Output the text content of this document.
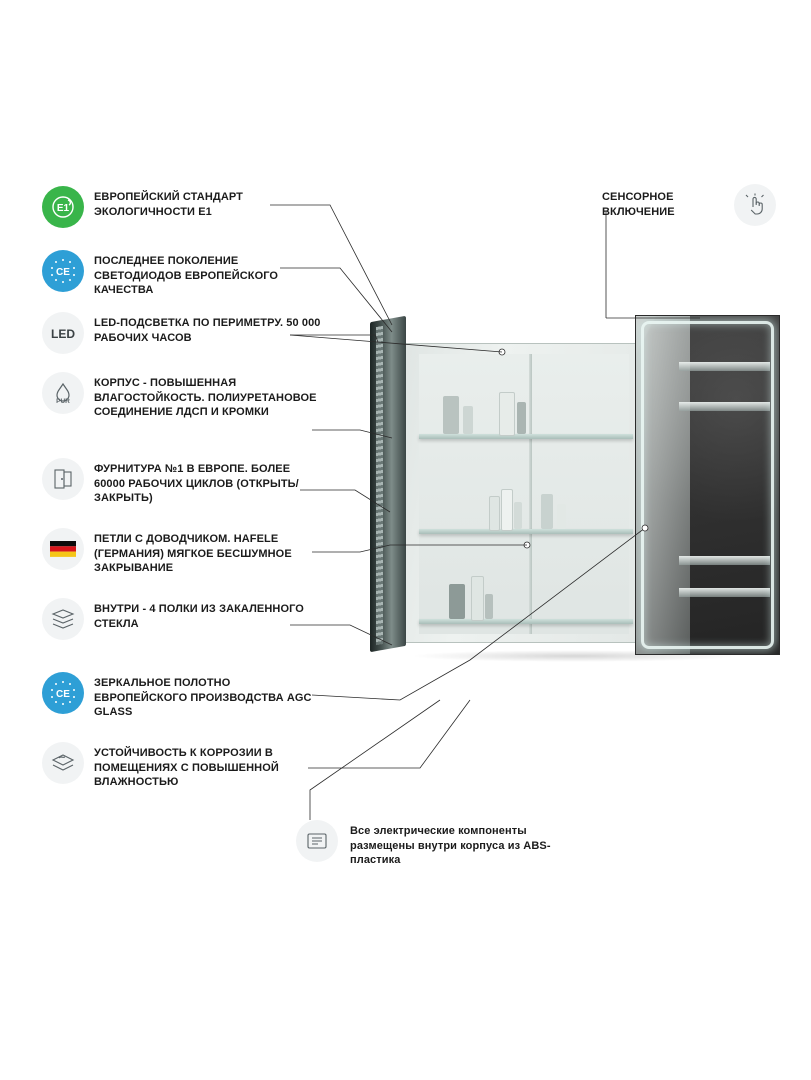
E1
ЕВРОПЕЙСКИЙ СТАНДАРТ ЭКОЛОГИЧНОСТИ E1
CE
ПОСЛЕДНЕЕ ПОКОЛЕНИЕ СВЕТОДИОДОВ ЕВРОПЕЙСКОГО КАЧЕСТВА
LED
LED-ПОДСВЕТКА ПО ПЕРИМЕТРУ. 50 000 РАБОЧИХ ЧАСОВ
PUR
КОРПУС - ПОВЫШЕННАЯ ВЛАГОСТОЙКОСТЬ. ПОЛИУРЕТАНОВОЕ СОЕДИНЕНИЕ ЛДСП И КРОМКИ
ФУРНИТУРА №1 В ЕВРОПЕ. БОЛЕЕ 60000 РАБОЧИХ ЦИКЛОВ (ОТКРЫТЬ/ЗАКРЫТЬ)
ПЕТЛИ С ДОВОДЧИКОМ. HAFELE (ГЕРМАНИЯ) МЯГКОЕ БЕСШУМНОЕ ЗАКРЫВАНИЕ
ВНУТРИ - 4 ПОЛКИ ИЗ ЗАКАЛЕННОГО СТЕКЛА
CE
ЗЕРКАЛЬНОЕ ПОЛОТНО ЕВРОПЕЙСКОГО ПРОИЗВОДСТВА AGC GLASS
УСТОЙЧИВОСТЬ К КОРРОЗИИ В ПОМЕЩЕНИЯХ С ПОВЫШЕННОЙ ВЛАЖНОСТЬЮ
СЕНСОРНОЕ ВКЛЮЧЕНИЕ
Все электрические компоненты размещены внутри корпуса из ABS-пластика
